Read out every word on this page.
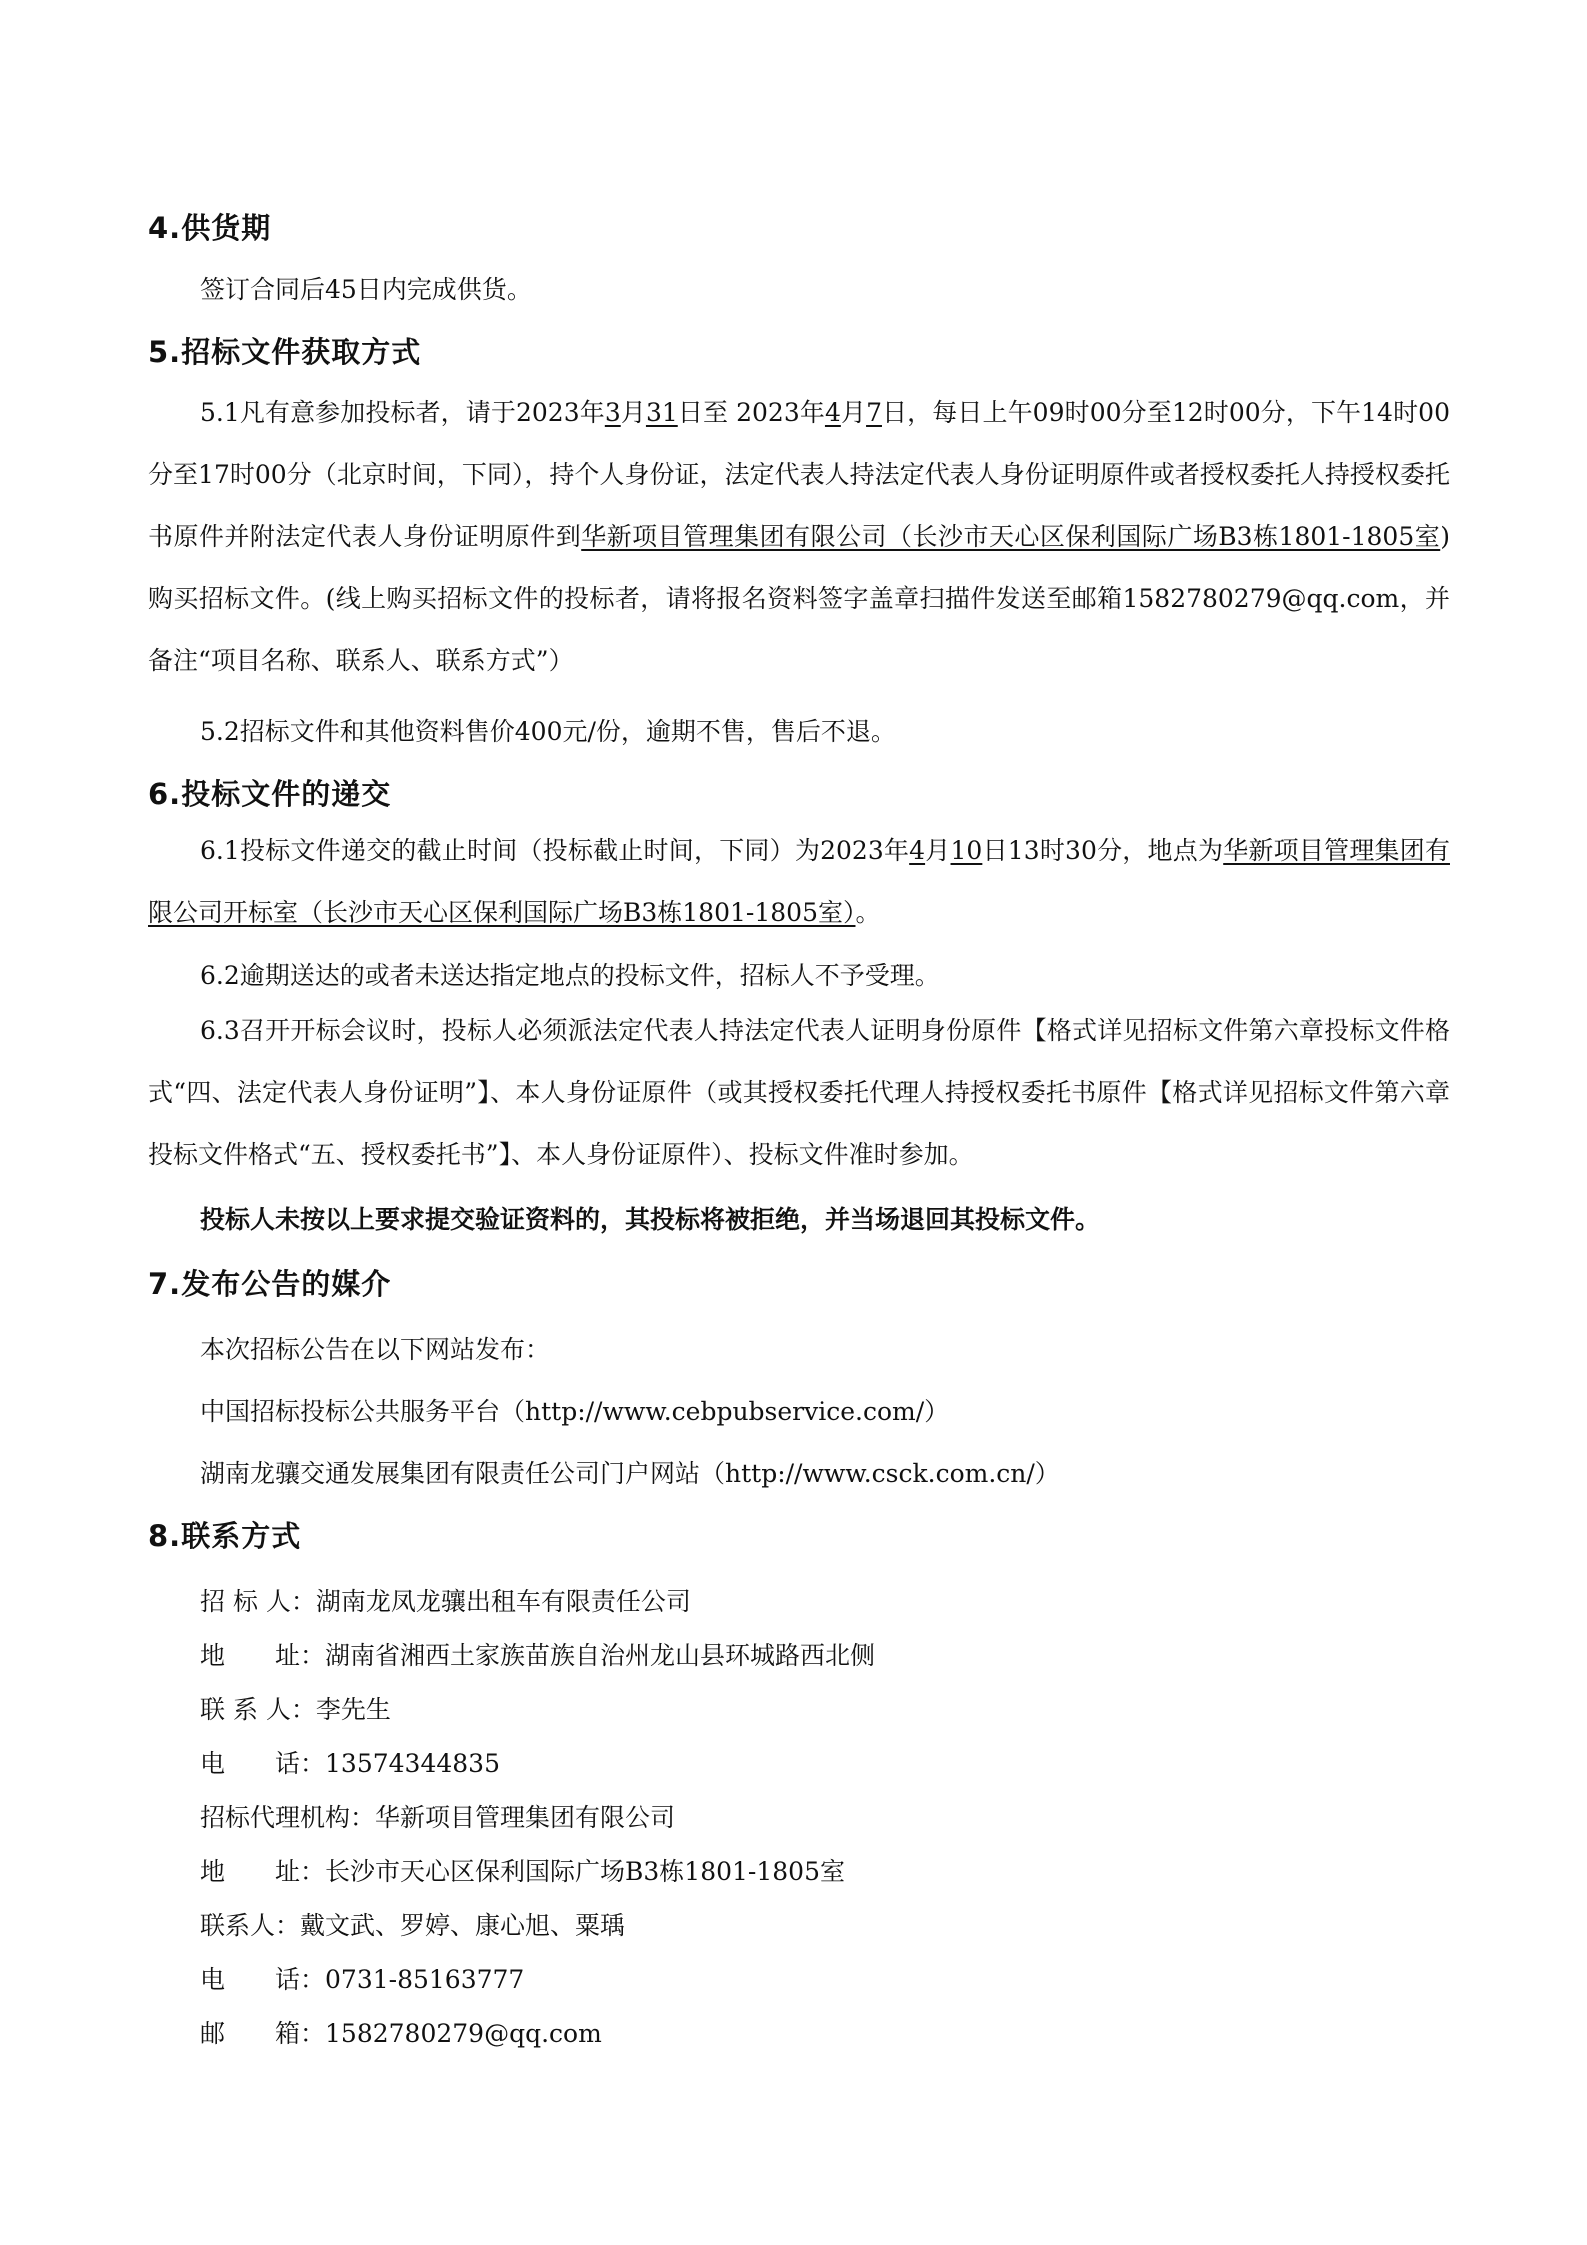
4.供货期
签订合同后45日内完成供货。
5.招标文件获取方式

5.1凡有意参加投标者，请于2023年3月31日至 2023年4月7日，每日上午09时00分至12时00分，下午14时00分至17时00分（北京时间，下同），持个人身份证，法定代表人持法定代表人身份证明原件或者授权委托人持授权委托书原件并附法定代表人身份证明原件到华新项目管理集团有限公司（长沙市天心区保利国际广场B3栋1801-1805室)购买招标文件。(线上购买招标文件的投标者，请将报名资料签字盖章扫描件发送至邮箱1582780279@qq.com，并备注“项目名称、联系人、联系方式”）

5.2招标文件和其他资料售价400元/份，逾期不售，售后不退。
6.投标文件的递交

6.1投标文件递交的截止时间（投标截止时间，下同）为2023年4月10日13时30分，地点为华新项目管理集团有限公司开标室（长沙市天心区保利国际广场B3栋1801-1805室）。

6.2逾期送达的或者未送达指定地点的投标文件，招标人不予受理。

6.3召开开标会议时，投标人必须派法定代表人持法定代表人证明身份原件【格式详见招标文件第六章投标文件格式“四、法定代表人身份证明”】、本人身份证原件（或其授权委托代理人持授权委托书原件【格式详见招标文件第六章投标文件格式“五、授权委托书”】、本人身份证原件）、投标文件准时参加。

投标人未按以上要求提交验证资料的，其投标将被拒绝，并当场退回其投标文件。
7.发布公告的媒介
本次招标公告在以下网站发布：
中国招标投标公共服务平台（http://www.cebpubservice.com/）
湖南龙骧交通发展集团有限责任公司门户网站（http://www.csck.com.cn/）
8.联系方式
招 标 人：湖南龙凤龙骧出租车有限责任公司
地　　址：湖南省湘西土家族苗族自治州龙山县环城路西北侧
联 系 人：李先生
电　　话：13574344835
招标代理机构：华新项目管理集团有限公司
地　　址：长沙市天心区保利国际广场B3栋1801-1805室
联系人：戴文武、罗婷、康心旭、粟瑀
电　　话：0731-85163777
邮　　箱：1582780279@qq.com
